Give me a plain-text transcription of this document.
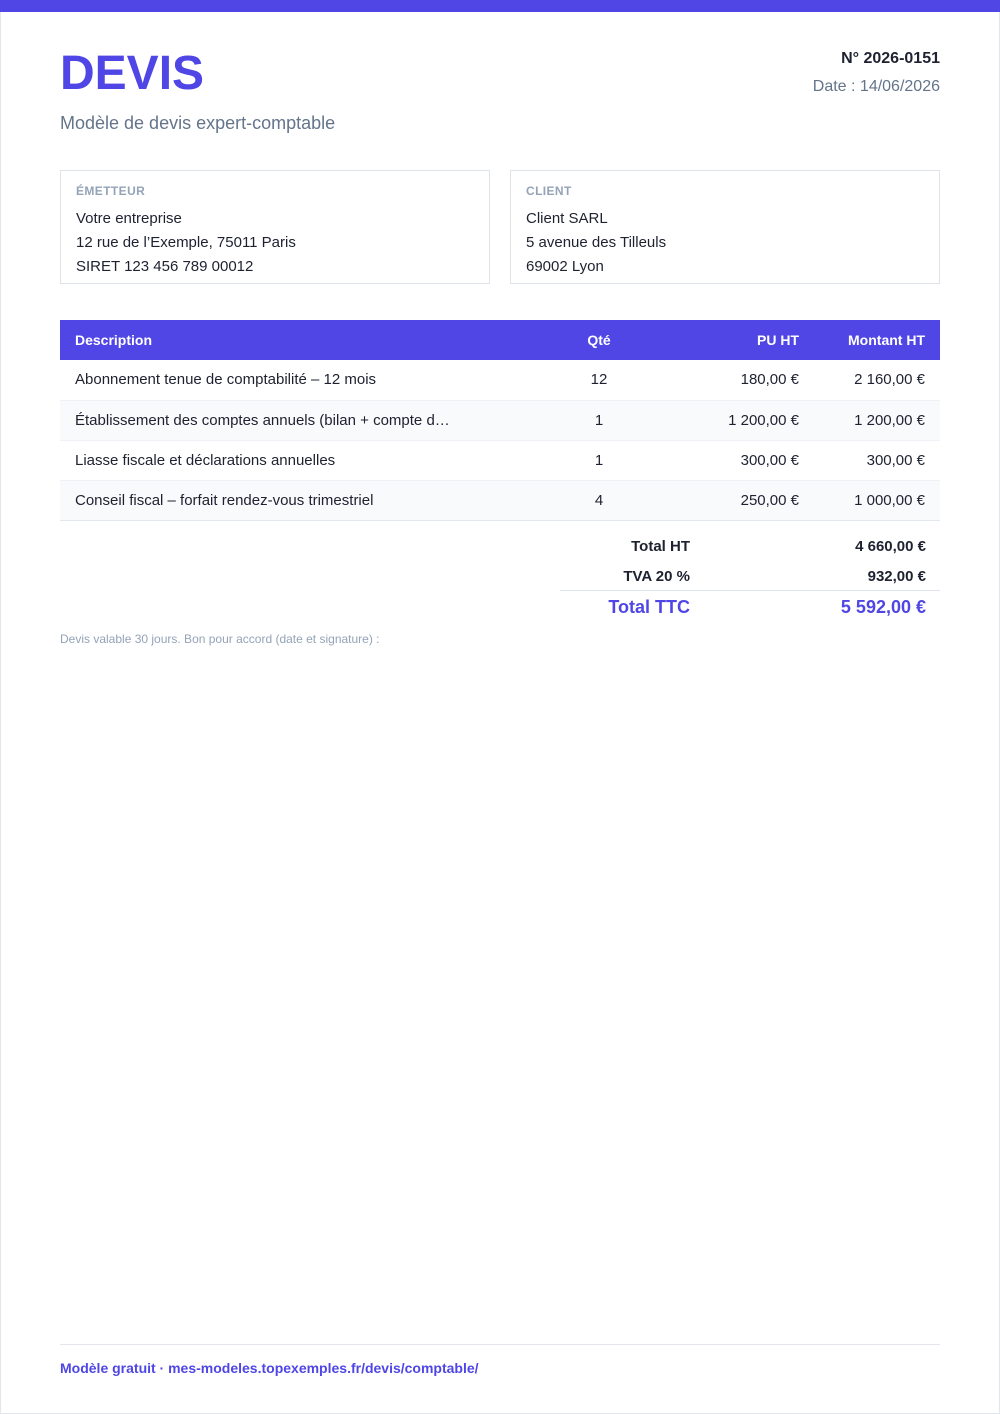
DEVIS
Modèle de devis expert-comptable
N° 2026-0151
Date : 14/06/2026
ÉMETTEUR
Votre entreprise
12 rue de l’Exemple, 75011 Paris
SIRET 123 456 789 00012
CLIENT
Client SARL
5 avenue des Tilleuls
69002 Lyon
Description	Qté	PU HT	Montant HT
Abonnement tenue de comptabilité – 12 mois	12	180,00 €	2 160,00 €
Établissement des comptes annuels (bilan + compte d…	1	1 200,00 €	1 200,00 €
Liasse fiscale et déclarations annuelles	1	300,00 €	300,00 €
Conseil fiscal – forfait rendez-vous trimestriel	4	250,00 €	1 000,00 €
Total HT	4 660,00 €
TVA 20 %	932,00 €
Total TTC	5 592,00 €
Devis valable 30 jours. Bon pour accord (date et signature) :
Modèle gratuit · mes-modeles.topexemples.fr/devis/comptable/
